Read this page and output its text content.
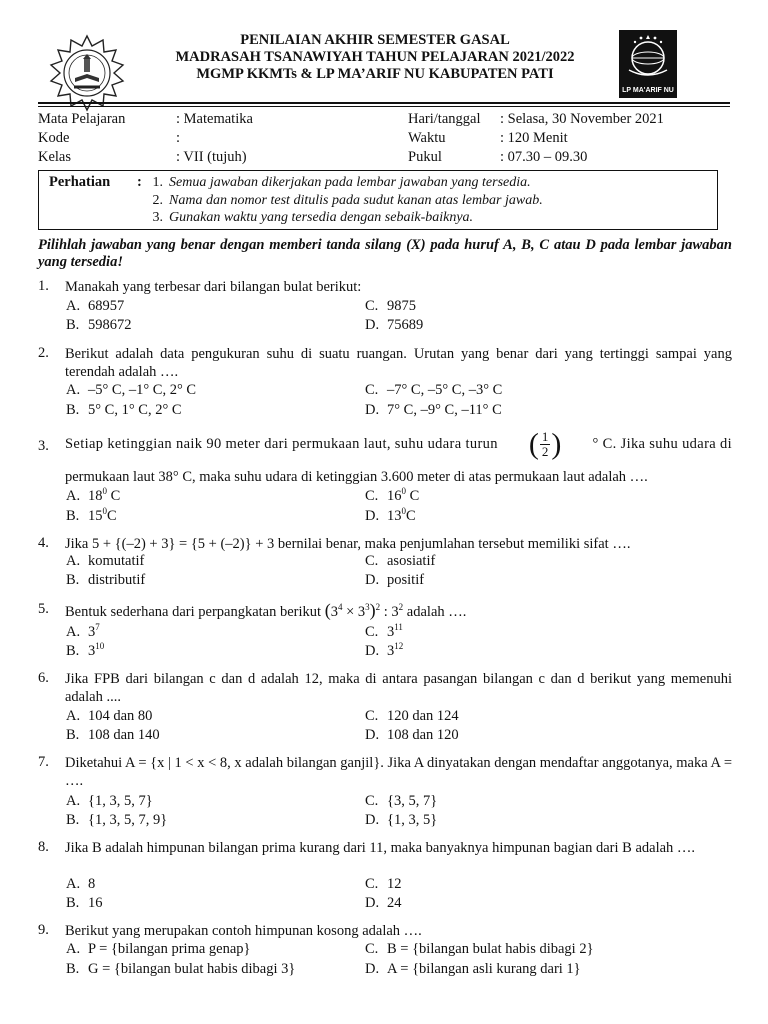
PENILAIAN AKHIR SEMESTER GASAL
MADRASAH TSANAWIYAH TAHUN PELAJARAN 2021/2022
MGMP KKMTs & LP MA’ARIF NU KABUPATEN PATI
LP MA'ARIF NU
Mata Pelajaran
Kode
Kelas
: Matematika
:
: VII (tujuh)
Hari/tanggal
Waktu
Pukul
: Selasa, 30 November 2021
: 120 Menit
: 07.30 – 09.30
Perhatian : 1. Semua jawaban dikerjakan pada lembar jawaban yang tersedia.
2. Nama dan nomor test ditulis pada sudut kanan atas lembar jawab.
3. Gunakan waktu yang tersedia dengan sebaik-baiknya.
Pilihlah jawaban yang benar dengan memberi tanda silang (X) pada huruf A, B, C atau D pada lembar jawaban yang tersedia!
1. Manakah yang terbesar dari bilangan bulat berikut:
A. 68957
B. 598672
C. 9875
D. 75689
2. Berikut adalah data pengukuran suhu di suatu ruangan. Urutan yang benar dari yang tertinggi sampai yang terendah adalah ….
A. –5° C, –1° C, 2° C
B. 5° C, 1° C, 2° C
C. –7° C, –5° C, –3° C
D. 7° C, –9° C, –11° C
3. Setiap ketinggian naik 90 meter dari permukaan laut, suhu udara turun ( $\frac{1}{2}$ ) ° C. Jika suhu udara di
permukaan laut 38° C, maka suhu udara di ketinggian 3.600 meter di atas permukaan laut adalah ….
A. $18^0$ C
B. $15^0C$
C. $16^0$ C
D. $13^0C$
4. Jika 5 + {(–2) + 3} = {5 + (–2)} + 3 bernilai benar, maka penjumlahan tersebut memiliki sifat ….
A. komutatif
B. distributif
C. asosiatif
D. positif
5. Bentuk sederhana dari perpangkatan berikut $(3^4 \times 3^3)^2$ : $3^2$ adalah ….
A. $3^7$
B. $3^{10}$
C. $3^{11}$
D. $3^{12}$
6. Jika FPB dari bilangan c dan d adalah 12, maka di antara pasangan bilangan c dan d berikut yang memenuhi adalah ....
A. 104 dan 80
B. 108 dan 140
C. 120 dan 124
D. 108 dan 120
7. Diketahui A = {x | 1 < x < 8, x adalah bilangan ganjil}. Jika A dinyatakan dengan mendaftar anggotanya, maka A = ….
A. {1, 3, 5, 7}
B. {1, 3, 5, 7, 9}
C. {3, 5, 7}
D. {1, 3, 5}
8. Jika B adalah himpunan bilangan prima kurang dari 11, maka banyaknya himpunan bagian dari B adalah ….
A. 8
B. 16
C. 12
D. 24
9. Berikut yang merupakan contoh himpunan kosong adalah ….
A. P = {bilangan prima genap}
B. G = {bilangan bulat habis dibagi 3}
C. B = {bilangan bulat habis dibagi 2}
D. A = {bilangan asli kurang dari 1}
